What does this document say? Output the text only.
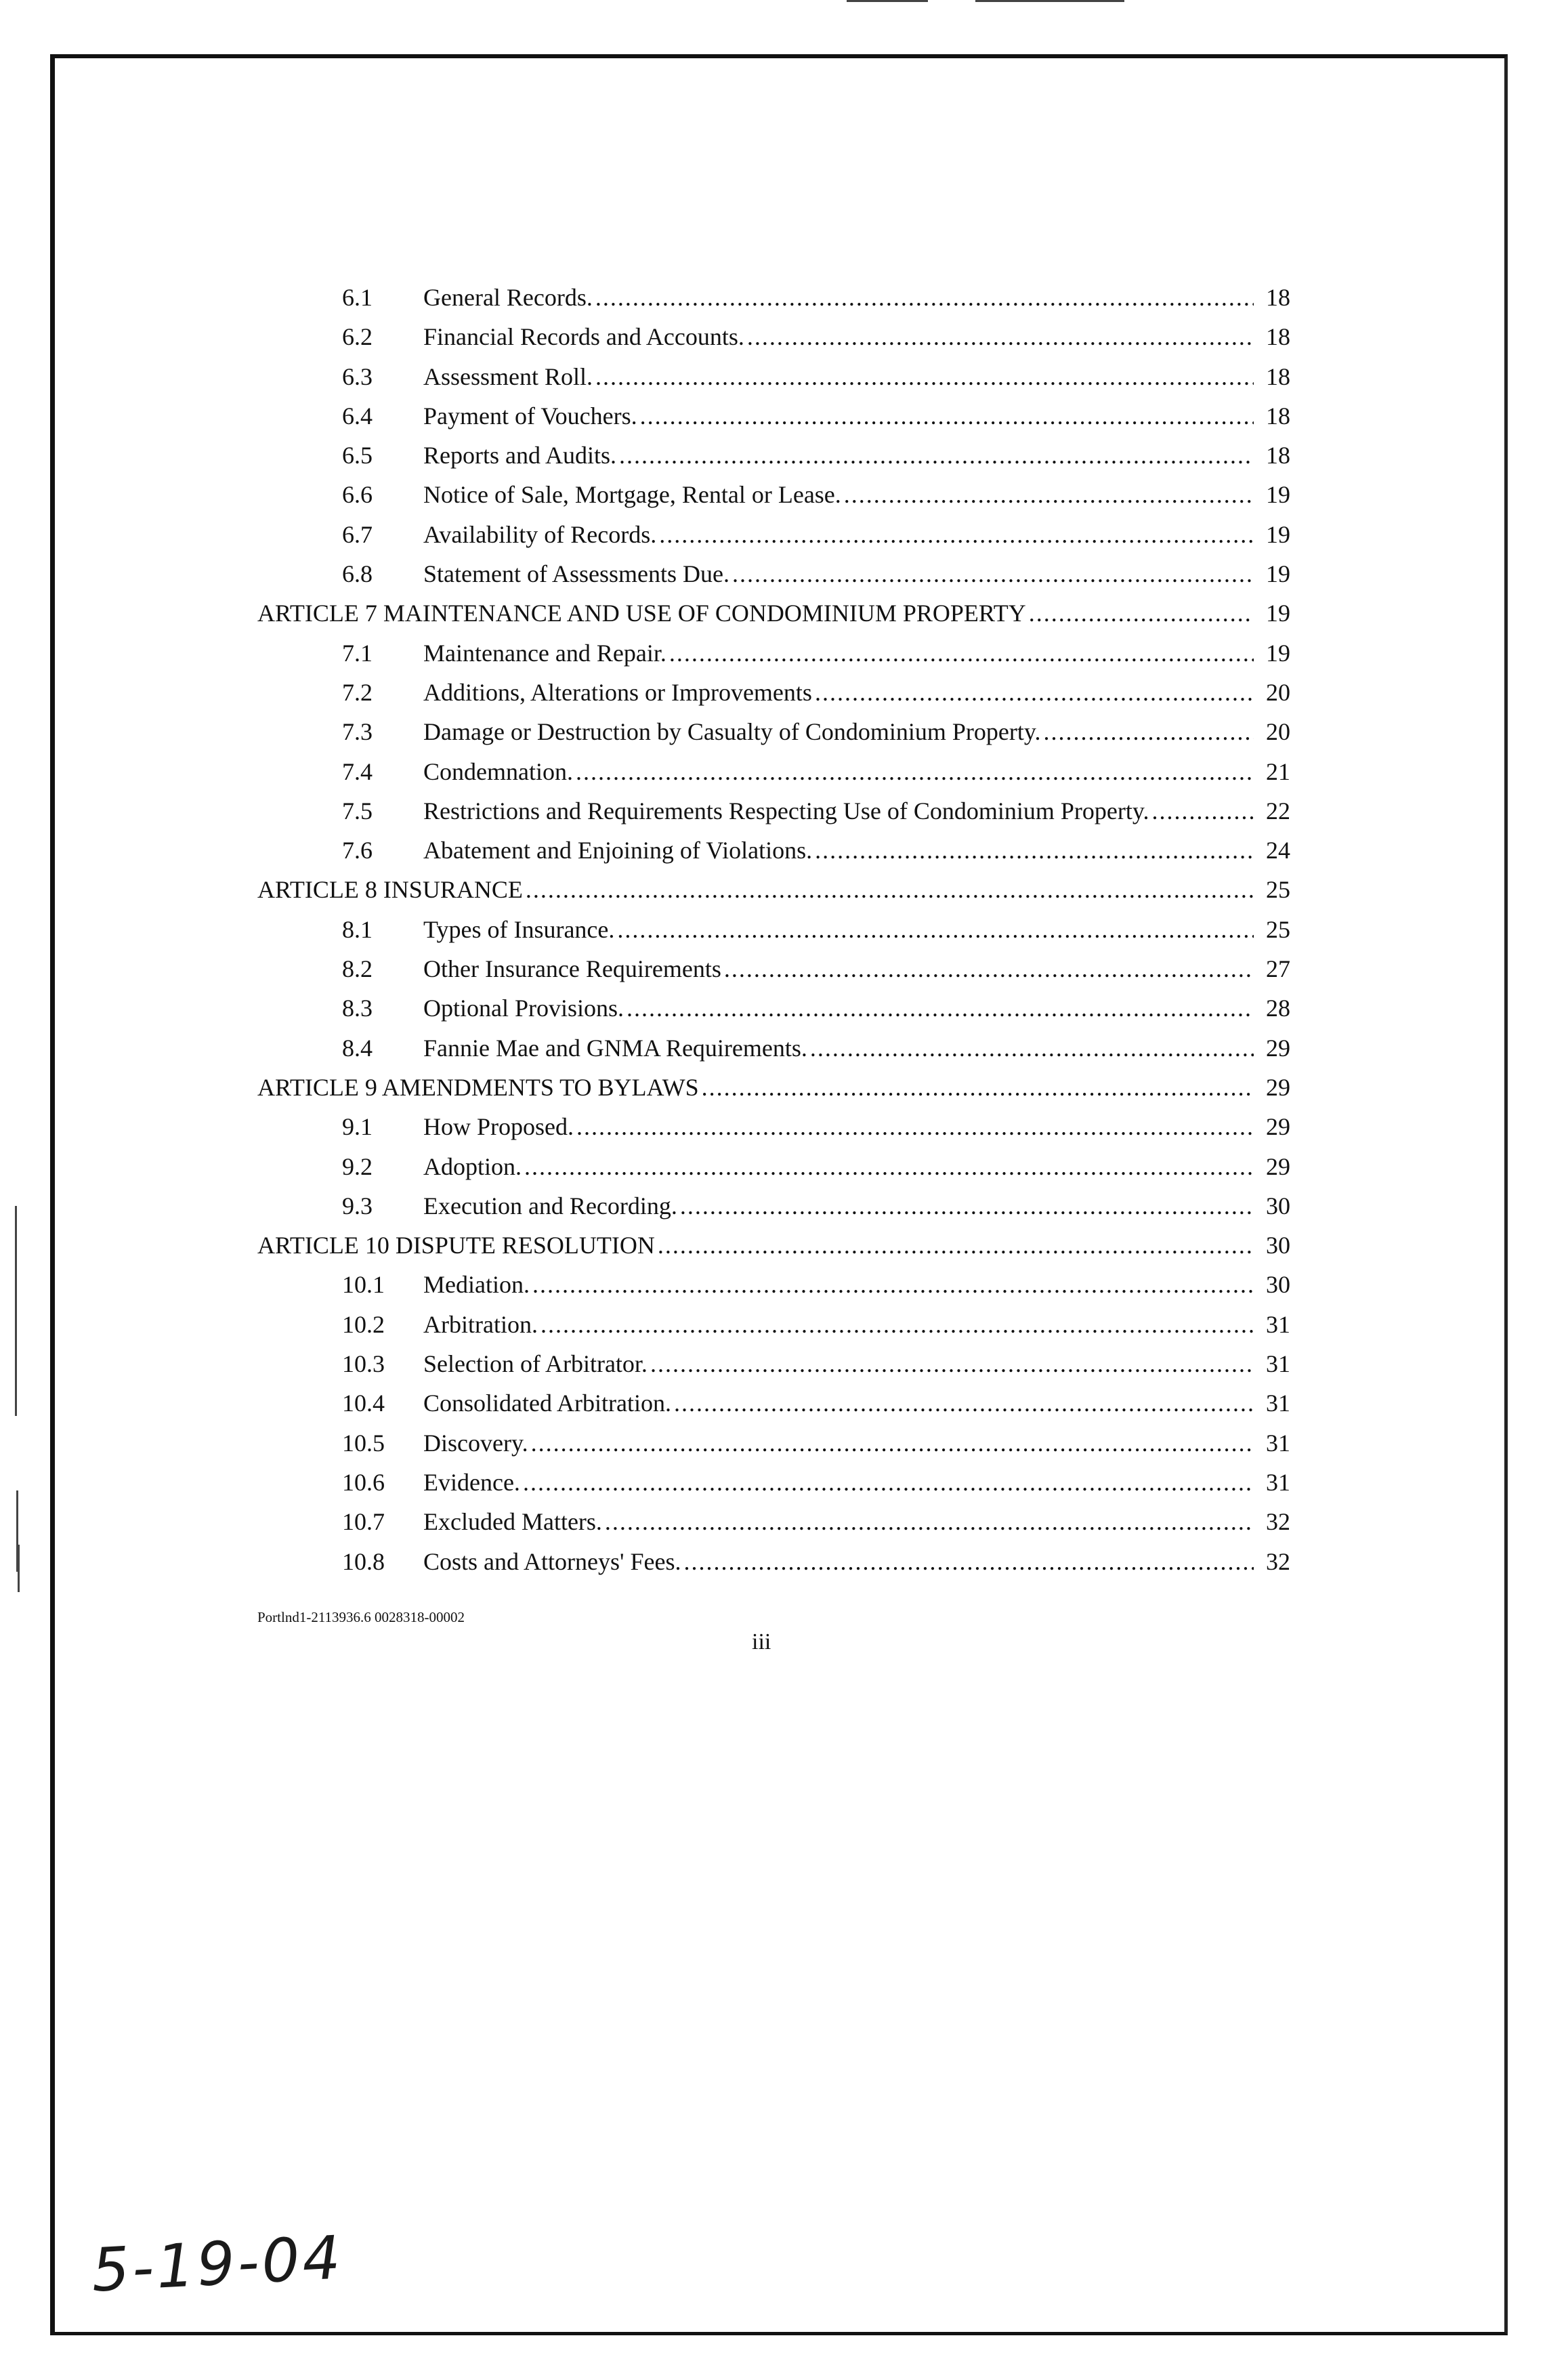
6.1	General Records. .....	18
6.2	Financial Records and Accounts. .....	18
6.3	Assessment Roll. .....	18
6.4	Payment of Vouchers. .....	18
6.5	Reports and Audits. .....	18
6.6	Notice of Sale, Mortgage, Rental or Lease. .....	19
6.7	Availability of Records. .....	19
6.8	Statement of Assessments Due. .....	19
ARTICLE 7 MAINTENANCE AND USE OF CONDOMINIUM PROPERTY .....	19
7.1	Maintenance and Repair. .....	19
7.2	Additions, Alterations or Improvements .....	20
7.3	Damage or Destruction by Casualty of Condominium Property. .....	20
7.4	Condemnation. .....	21
7.5	Restrictions and Requirements Respecting Use of Condominium Property. .....	22
7.6	Abatement and Enjoining of Violations. .....	24
ARTICLE 8 INSURANCE .....	25
8.1	Types of Insurance. .....	25
8.2	Other Insurance Requirements .....	27
8.3	Optional Provisions. .....	28
8.4	Fannie Mae and GNMA Requirements. .....	29
ARTICLE 9 AMENDMENTS TO BYLAWS .....	29
9.1	How Proposed. .....	29
9.2	Adoption. .....	29
9.3	Execution and Recording. .....	30
ARTICLE 10 DISPUTE RESOLUTION .....	30
10.1	Mediation. .....	30
10.2	Arbitration. .....	31
10.3	Selection of Arbitrator. .....	31
10.4	Consolidated Arbitration. .....	31
10.5	Discovery. .....	31
10.6	Evidence. .....	31
10.7	Excluded Matters. .....	32
10.8	Costs and Attorneys' Fees. .....	32
Portlnd1-2113936.6 0028318-00002
iii
5-19-04
